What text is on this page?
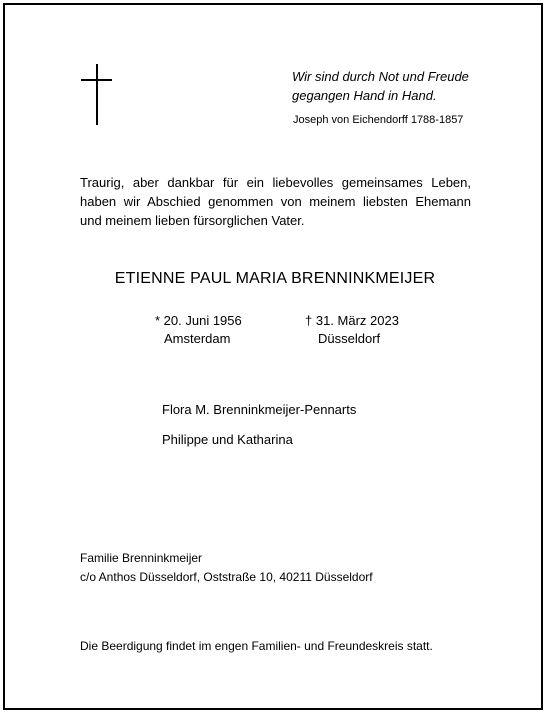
Wir sind durch Not und Freude
gegangen Hand in Hand.
Joseph von Eichendorff 1788-1857
Traurig, aber dankbar für ein liebevolles gemeinsames Leben,
haben wir Abschied genommen von meinem liebsten Ehemann
und meinem lieben fürsorglichen Vater.
ETIENNE PAUL MARIA BRENNINKMEIJER
* 20. Juni 1956
Amsterdam
† 31. März 2023
Düsseldorf
Flora M. Brenninkmeijer-Pennarts
Philippe und Katharina
Familie Brenninkmeijer
c/o Anthos Düsseldorf, Oststraße 10, 40211 Düsseldorf
Die Beerdigung findet im engen Familien- und Freundeskreis statt.
